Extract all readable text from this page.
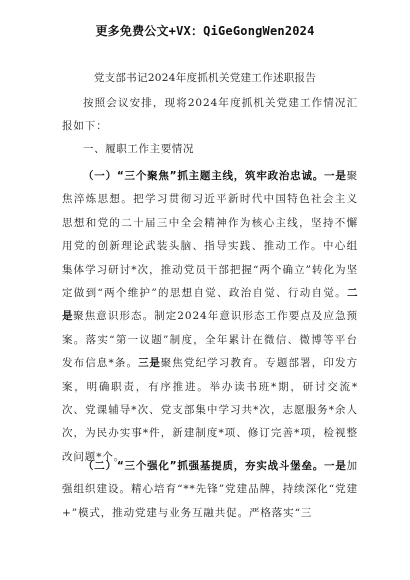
更多免费公文+VX：QiGeGongWen2024
党支部书记2024年度抓机关党建工作述职报告

按照会议安排，现将2024年度抓机关党建工作情况汇报如下：

一、履职工作主要情况

（一）“三个聚焦”抓主题主线，筑牢政治忠诚。一是聚焦淬炼思想。把学习贯彻习近平新时代中国特色社会主义思想和党的二十届三中全会精神作为核心主线，坚持不懈用党的创新理论武装头脑、指导实践、推动工作。中心组集体学习研讨*次，推动党员干部把握“两个确立”转化为坚定做到“两个维护”的思想自觉、政治自觉、行动自觉。二是聚焦意识形态。制定2024年意识形态工作要点及应急预案。落实“第一议题”制度，全年累计在微信、微博等平台发布信息*条。三是聚焦党纪学习教育。专题部署，印发方案，明确职责，有序推进。举办读书班*期，研讨交流*次、党课辅导*次、党支部集中学习共*次，志愿服务*余人次，为民办实事*件，新建制度*项、修订完善*项，检视整改问题*个。

（二）“三个强化”抓强基提质，夯实战斗堡垒。一是加强组织建设。精心培育“**先锋”党建品牌，持续深化“党建+”模式，推动党建与业务互融共促。严格落实“三
